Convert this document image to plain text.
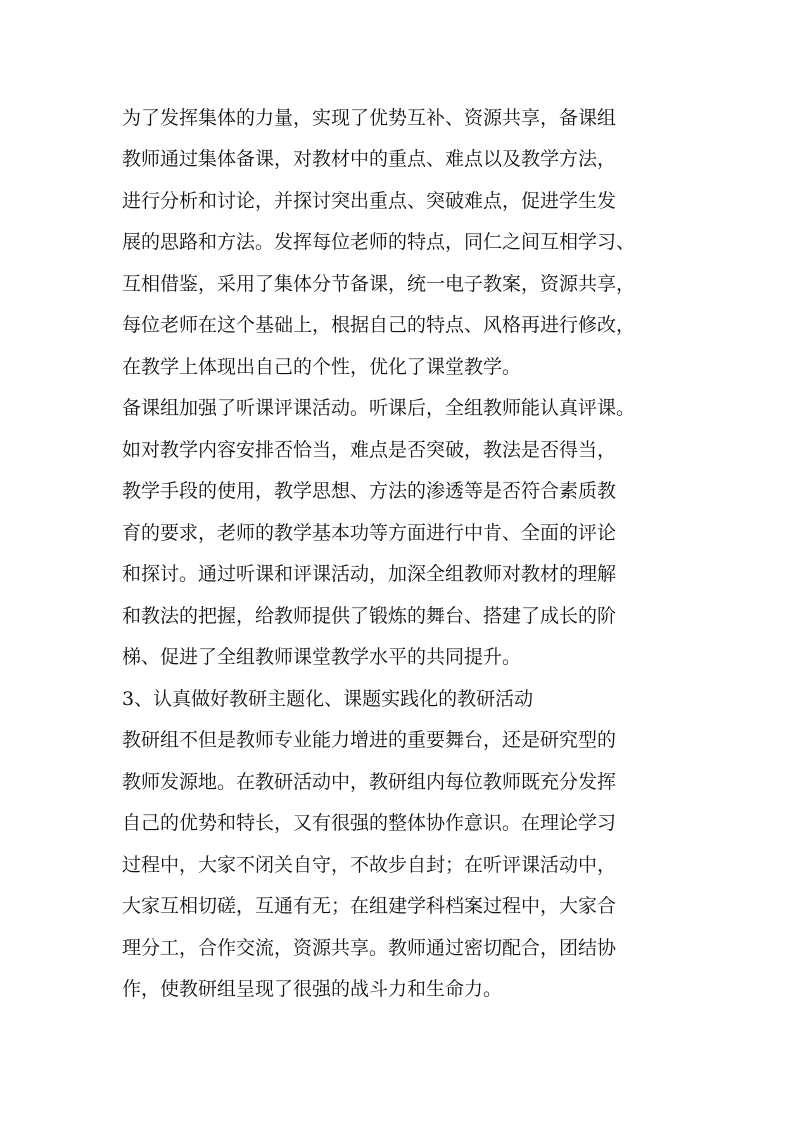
为了发挥集体的力量，实现了优势互补、资源共享，备课组
教师通过集体备课，对教材中的重点、难点以及教学方法，
进行分析和讨论，并探讨突出重点、突破难点，促进学生发
展的思路和方法。发挥每位老师的特点，同仁之间互相学习、
互相借鉴，采用了集体分节备课，统一电子教案，资源共享，
每位老师在这个基础上，根据自己的特点、风格再进行修改，
在教学上体现出自己的个性，优化了课堂教学。
备课组加强了听课评课活动。听课后，全组教师能认真评课。
如对教学内容安排否恰当，难点是否突破，教法是否得当，
教学手段的使用，教学思想、方法的渗透等是否符合素质教
育的要求，老师的教学基本功等方面进行中肯、全面的评论
和探讨。通过听课和评课活动，加深全组教师对教材的理解
和教法的把握，给教师提供了锻炼的舞台、搭建了成长的阶
梯、促进了全组教师课堂教学水平的共同提升。
3、认真做好教研主题化、课题实践化的教研活动
教研组不但是教师专业能力增进的重要舞台，还是研究型的
教师发源地。在教研活动中，教研组内每位教师既充分发挥
自己的优势和特长，又有很强的整体协作意识。在理论学习
过程中，大家不闭关自守，不故步自封；在听评课活动中，
大家互相切磋，互通有无；在组建学科档案过程中，大家合
理分工，合作交流，资源共享。教师通过密切配合，团结协
作，使教研组呈现了很强的战斗力和生命力。
